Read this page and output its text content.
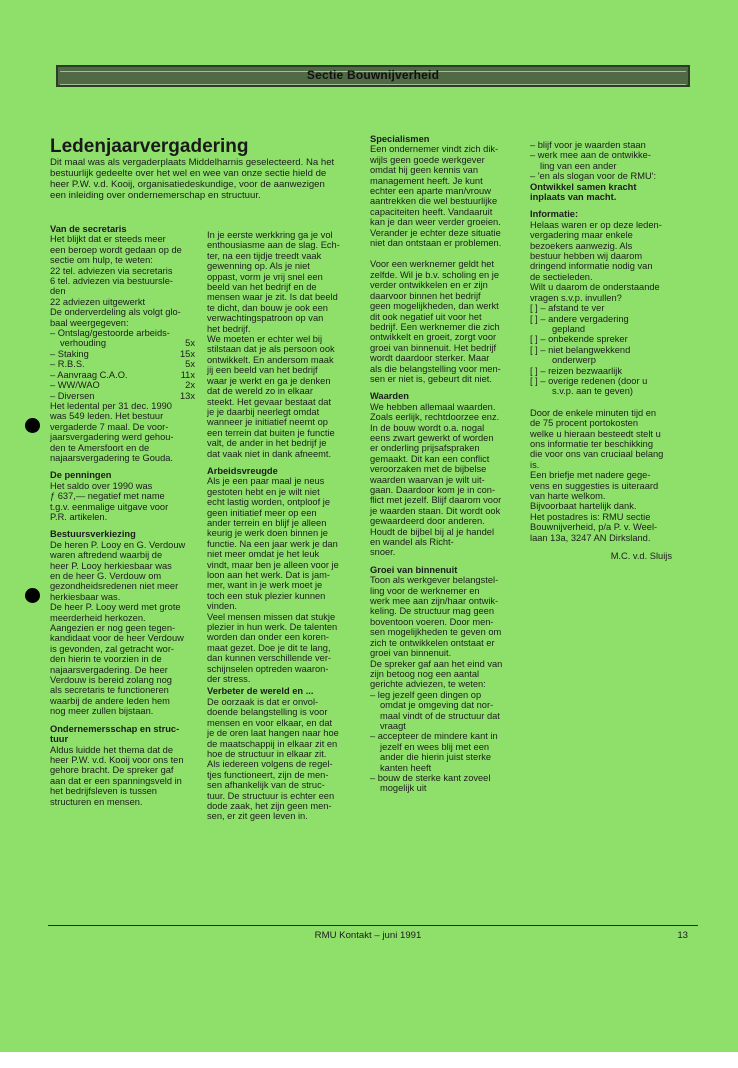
Sectie Bouwnijverheid
Ledenjaarvergadering

Dit maal was als vergaderplaats Middelharnis geselecteerd. Na het

bestuurlijk gedeelte over het wel en wee van onze sectie hield de

heer P.W. v.d. Kooij, organisatiedeskundige, voor de aanwezigen

een inleiding over ondernemerschap en structuur.

Van de secretaris

Het blijkt dat er steeds meer

een beroep wordt gedaan op de

sectie om hulp, te weten:

22 tel. adviezen via secretaris

6 tel. adviezen via bestuursle-

den

22 adviezen uitgewerkt

De onderverdeling als volgt glo-

baal weergegeven:

– Ontslag/gestoorde arbeids-
verhouding	5x
– Staking	15x
– R.B.S.	5x
– Aanvraag C.A.O.	11x
– WW/WAO	2x
– Diversen	13x

Het ledental per 31 dec. 1990

was 549 leden. Het bestuur

vergaderde 7 maal. De voor-

jaarsvergadering werd gehou-

den te Amersfoort en de

najaarsvergadering te Gouda.

De penningen

Het saldo over 1990 was

ƒ 637,— negatief met name

t.g.v. eenmalige uitgave voor

P.R. artikelen.

Bestuursverkiezing

De heren P. Looy en G. Verdouw

waren aftredend waarbij de

heer P. Looy herkiesbaar was

en de heer G. Verdouw om

gezondheidsredenen niet meer

herkiesbaar was.

De heer P. Looy werd met grote

meerderheid herkozen.

Aangezien er nog geen tegen-

kandidaat voor de heer Verdouw

is gevonden, zal getracht wor-

den hierin te voorzien in de

najaarsvergadering. De heer

Verdouw is bereid zolang nog

als secretaris te functioneren

waarbij de andere leden hem

nog meer zullen bijstaan.

Ondernemersschap en struc-

tuur

Aldus luidde het thema dat de

heer P.W. v.d. Kooij voor ons ten

gehore bracht. De spreker gaf

aan dat er een spanningsveld in

het bedrijfsleven is tussen

structuren en mensen.

In je eerste werkkring ga je vol

enthousiasme aan de slag. Ech-

ter, na een tijdje treedt vaak

gewenning op. Als je niet

oppast, vorm je vrij snel een

beeld van het bedrijf en de

mensen waar je zit. Is dat beeld

te dicht, dan bouw je ook een

verwachtingspatroon op van

het bedrijf.

We moeten er echter wel bij

stilstaan dat je als persoon ook

ontwikkelt. En andersom maak

jij een beeld van het bedrijf

waar je werkt en ga je denken

dat de wereld zo in elkaar

steekt. Het gevaar bestaat dat

je je daarbij neerlegt omdat

wanneer je initiatief neemt op

een terrein dat buiten je functie

valt, de ander in het bedrijf je

dat vaak niet in dank afneemt.

Arbeidsvreugde

Als je een paar maal je neus

gestoten hebt en je wilt niet

echt lastig worden, ontploof je

geen initiatief meer op een

ander terrein en blijf je alleen

keurig je werk doen binnen je

functie. Na een jaar werk je dan

niet meer omdat je het leuk

vindt, maar ben je alleen voor je

loon aan het werk. Dat is jam-

mer, want in je werk moet je

toch een stuk plezier kunnen

vinden.

Veel mensen missen dat stukje

plezier in hun werk. De talenten

worden dan onder een koren-

maat gezet. Doe je dit te lang,

dan kunnen verschillende ver-

schijnselen optreden waaron-

der stress.

Verbeter de wereld en ...

De oorzaak is dat er onvol-

doende belangstelling is voor

mensen en voor elkaar, en dat

je de oren laat hangen naar hoe

de maatschappij in elkaar zit en

hoe de structuur in elkaar zit.

Als iedereen volgens de regel-

tjes functioneert, zijn de men-

sen afhankelijk van de struc-

tuur. De structuur is echter een

dode zaak, het zijn geen men-

sen, er zit geen leven in.

Specialismen

Een ondernemer vindt zich dik-

wijls geen goede werkgever

omdat hij geen kennis van

management heeft. Je kunt

echter een aparte man/vrouw

aantrekken die wel bestuurlijke

capaciteiten heeft. Vandaaruit

kan je dan weer verder groeien.

Verander je echter deze situatie

niet dan ontstaan er problemen.

Voor een werknemer geldt het

zelfde. Wil je b.v. scholing en je

verder ontwikkelen en er zijn

daarvoor binnen het bedrijf

geen mogelijkheden, dan werkt

dit ook negatief uit voor het

bedrijf. Een werknemer die zich

ontwikkelt en groeit, zorgt voor

groei van binnenuit. Het bedrijf

wordt daardoor sterker. Maar

als die belangstelling voor men-

sen er niet is, gebeurt dit niet.

Waarden

We hebben allemaal waarden.

Zoals eerlijk, rechtdoorzee enz.

In de bouw wordt o.a. nogal

eens zwart gewerkt of worden

er onderling prijsafspraken

gemaakt. Dit kan een conflict

veroorzaken met de bijbelse

waarden waarvan je wilt uit-

gaan. Daardoor kom je in con-

flict met jezelf. Blijf daarom voor

je waarden staan. Dit wordt ook

gewaardeerd door anderen.

Houdt de bijbel bij al je handel

en wandel als Richt-

snoer.

Groei van binnenuit

Toon als werkgever belangstel-

ling voor de werknemer en

werk mee aan zijn/haar ontwik-

keling. De structuur mag geen

boventoon voeren. Door men-

sen mogelijkheden te geven om

zich te ontwikkelen ontstaat er

groei van binnenuit.

De spreker gaf aan het eind van

zijn betoog nog een aantal

gerichte adviezen, te weten:

– leg jezelf geen dingen op

omdat je omgeving dat nor-

maal vindt of de structuur dat

vraagt

– accepteer de mindere kant in

jezelf en wees blij met een

ander die hierin juist sterke

kanten heeft

– bouw de sterke kant zoveel

mogelijk uit

– blijf voor je waarden staan

– werk mee aan de ontwikke-

ling van een ander

– 'en als slogan voor de RMU':

Ontwikkel samen kracht

inplaats van macht.

Informatie:

Helaas waren er op deze leden-

vergadering maar enkele

bezoekers aanwezig. Als

bestuur hebben wij daarom

dringend informatie nodig van

de sectieleden.

Wilt u daarom de onderstaande

vragen s.v.p. invullen?

[ ] – afstand te ver

[ ] – andere vergadering

gepland

[ ] – onbekende spreker

[ ] – niet belangwekkend

onderwerp

[ ] – reizen bezwaarlijk

[ ] – overige redenen (door u

s.v.p. aan te geven)

Door de enkele minuten tijd en

de 75 procent portokosten

welke u hieraan besteedt stelt u

ons informatie ter beschikking

die voor ons van cruciaal belang

is.

Een briefje met nadere gege-

vens en suggesties is uiteraard

van harte welkom.

Bijvoorbaat hartelijk dank.

Het postadres is: RMU sectie

Bouwnijverheid, p/a P. v. Weel-

laan 13a, 3247 AN Dirksland.

M.C. v.d. Sluijs

RMU Kontakt – juni 1991	13
